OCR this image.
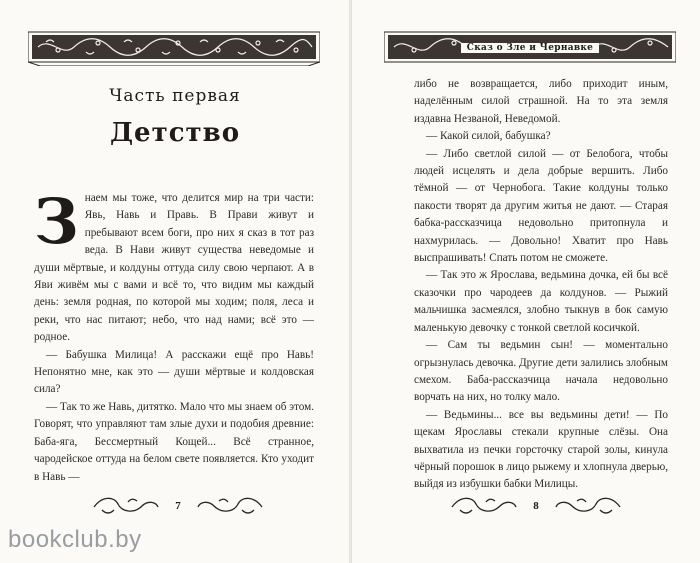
Часть первая
Детство

Знаем мы тоже, что делится мир на три части: Явь, Навь и Правь. В Прави живут и пребывают всем боги, про них я сказ в тот раз веда. В Нави живут существа неведомые и души мёртвые, и колдуны оттуда силу свою черпают. А в Яви живём мы с вами и всё то, что видим мы каждый день: земля родная, по которой мы ходим; поля, леса и реки, что нас питают; небо, что над нами; всё это — родное.

— Бабушка Милица! А расскажи ещё про Навь! Непонятно мне, как это — души мёртвые и колдовская сила?

— Так то же Навь, дитятко. Мало что мы знаем об этом. Говорят, что управляют там злые духи и подобия древние: Баба-яга, Бессмертный Кощей... Всё странное, чародейское оттуда на белом свете появляется. Кто уходит в Навь —

7
Сказ о Зле и Чернавке

либо не возвращается, либо приходит иным, наделённым силой страшной. На то эта земля издавна Незваной, Неведомой.

— Какой силой, бабушка?

— Либо светлой силой — от Белобога, чтобы людей исцелять и дела добрые вершить. Либо тёмной — от Чернобога. Такие колдуны только пакости творят да другим житья не дают. — Старая бабка-рассказчица недовольно притопнула и нахмурилась. — Довольно! Хватит про Навь выспрашивать! Спать потом не сможете.

— Так это ж Ярослава, ведьмина дочка, ей бы всё сказочки про чародеев да колдунов. — Рыжий мальчишка засмеялся, злобно тыкнув в бок самую маленькую девочку с тонкой светлой косичкой.

— Сам ты ведьмин сын! — моментально огрызнулась девочка. Другие дети залились злобным смехом. Баба-рассказчица начала недовольно ворчать на них, но толку мало.

— Ведьмины... все вы ведьмины дети! — По щекам Ярославы стекали крупные слёзы. Она выхватила из печки горсточку старой золы, кинула чёрный порошок в лицо рыжему и хлопнула дверью, выйдя из избушки бабки Милицы.

8
bookclub.by
